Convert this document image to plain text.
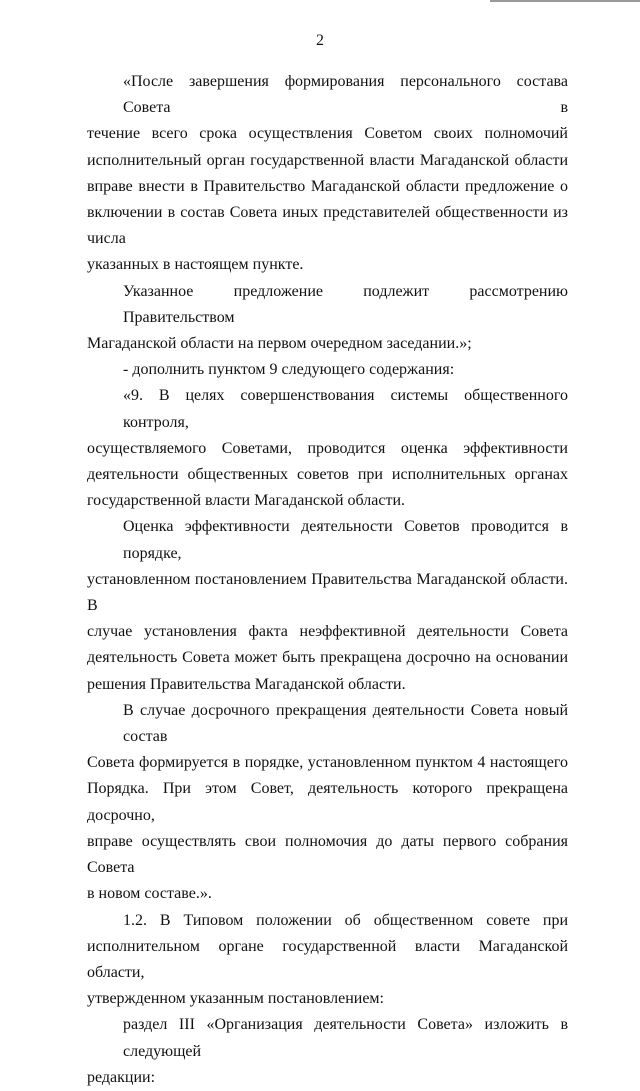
2

«После завершения формирования персонального состава Совета в
течение всего срока осуществления Советом своих полномочий
исполнительный орган государственной власти Магаданской области
вправе внести в Правительство Магаданской области предложение о
включении в состав Совета иных представителей общественности из числа
указанных в настоящем пункте.

Указанное предложение подлежит рассмотрению Правительством
Магаданской области на первом очередном заседании.»;

- дополнить пунктом 9 следующего содержания:

«9. В целях совершенствования системы общественного контроля,
осуществляемого Советами, проводится оценка эффективности
деятельности общественных советов при исполнительных органах
государственной власти Магаданской области.

Оценка эффективности деятельности Советов проводится в порядке,
установленном постановлением Правительства Магаданской области. В
случае установления факта неэффективной деятельности Совета
деятельность Совета может быть прекращена досрочно на основании
решения Правительства Магаданской области.

В случае досрочного прекращения деятельности Совета новый состав
Совета формируется в порядке, установленном пунктом 4 настоящего
Порядка. При этом Совет, деятельность которого прекращена досрочно,
вправе осуществлять свои полномочия до даты первого собрания Совета
в новом составе.».

1.2. В Типовом положении об общественном совете при
исполнительном органе государственной власти Магаданской области,
утвержденном указанным постановлением:

раздел III «Организация деятельности Совета» изложить в следующей
редакции:
